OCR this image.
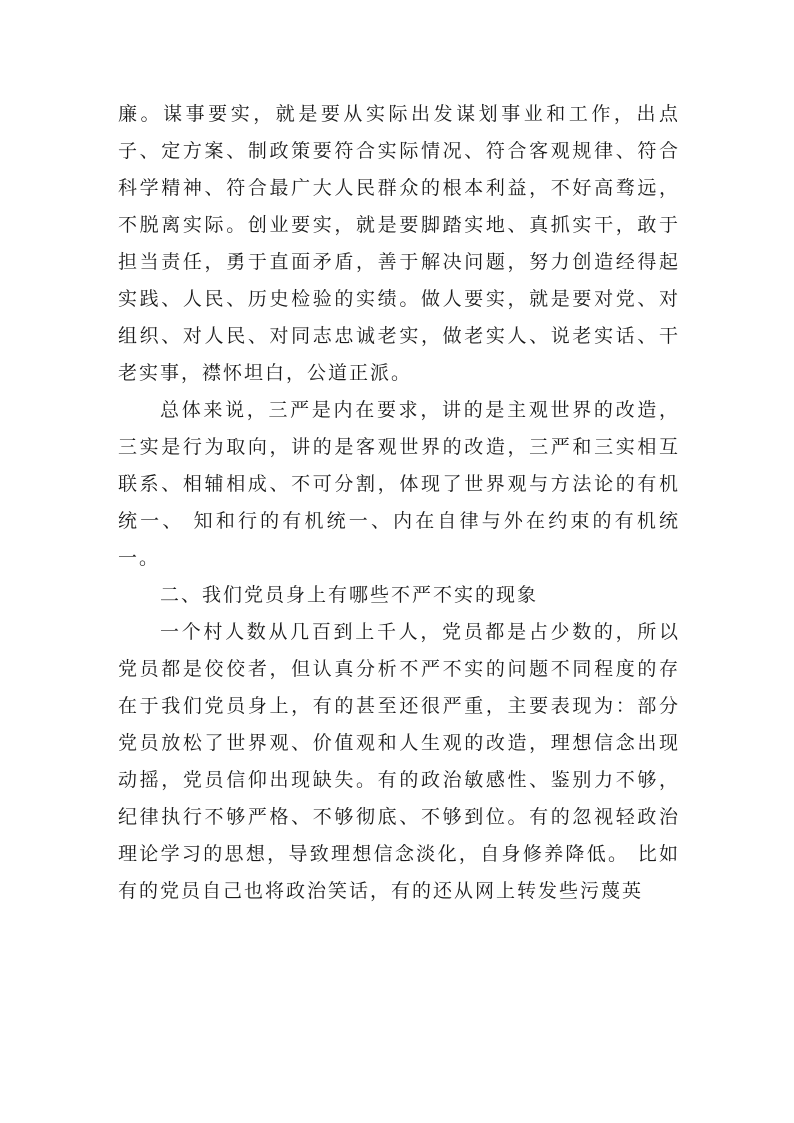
廉。谋事要实，就是要从实际出发谋划事业和工作，出点子、定方案、制政策要符合实际情况、符合客观规律、符合科学精神、符合最广大人民群众的根本利益，不好高骛远，不脱离实际。创业要实，就是要脚踏实地、真抓实干，敢于担当责任，勇于直面矛盾，善于解决问题，努力创造经得起实践、人民、历史检验的实绩。做人要实，就是要对党、对组织、对人民、对同志忠诚老实，做老实人、说老实话、干老实事，襟怀坦白，公道正派。

总体来说，三严是内在要求，讲的是主观世界的改造，三实是行为取向，讲的是客观世界的改造，三严和三实相互联系、相辅相成、不可分割，体现了世界观与方法论的有机统一、 知和行的有机统一、内在自律与外在约束的有机统一。

二、我们党员身上有哪些不严不实的现象

一个村人数从几百到上千人，党员都是占少数的，所以党员都是佼佼者，但认真分析不严不实的问题不同程度的存在于我们党员身上，有的甚至还很严重，主要表现为：部分党员放松了世界观、价值观和人生观的改造，理想信念出现动摇，党员信仰出现缺失。有的政治敏感性、鉴别力不够，纪律执行不够严格、不够彻底、不够到位。有的忽视轻政治理论学习的思想，导致理想信念淡化，自身修养降低。 比如有的党员自己也将政治笑话，有的还从网上转发些污蔑英
